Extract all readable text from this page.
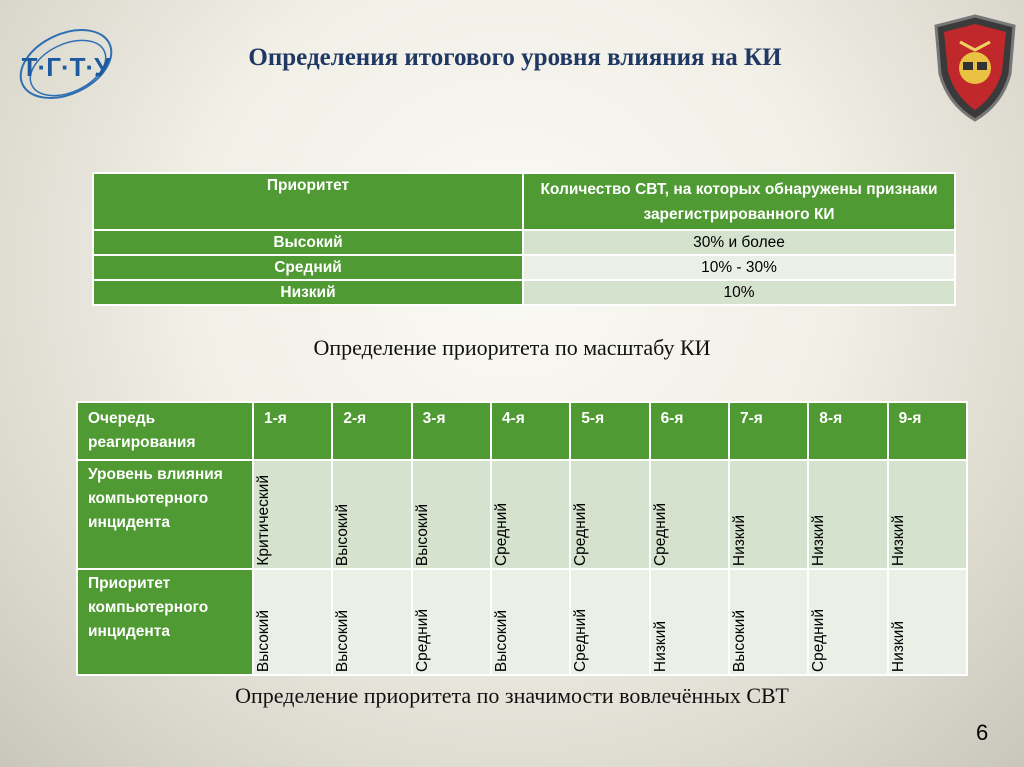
Т·Г·Т·У	Определения итогового уровня влияния на КИ
Приоритет	Количество СВТ, на которых обнаружены признаки зарегистрированного КИ
Высокий	30% и более
Средний	10% - 30%
Низкий	10%
Определение приоритета по масштабу КИ
Очередь реагирования	1-я	2-я	3-я	4-я	5-я	6-я	7-я	8-я	9-я

Уровень влияния компьютерного инцидента	Критический	Высокий	Высокий	Средний	Средний	Средний	Низкий	Низкий	Низкий

Приоритет компьютерного инцидента	Высокий	Высокий	Средний	Высокий	Средний	Низкий	Высокий	Средний	Низкий
Определение приоритета по значимости вовлечённых СВТ
6
